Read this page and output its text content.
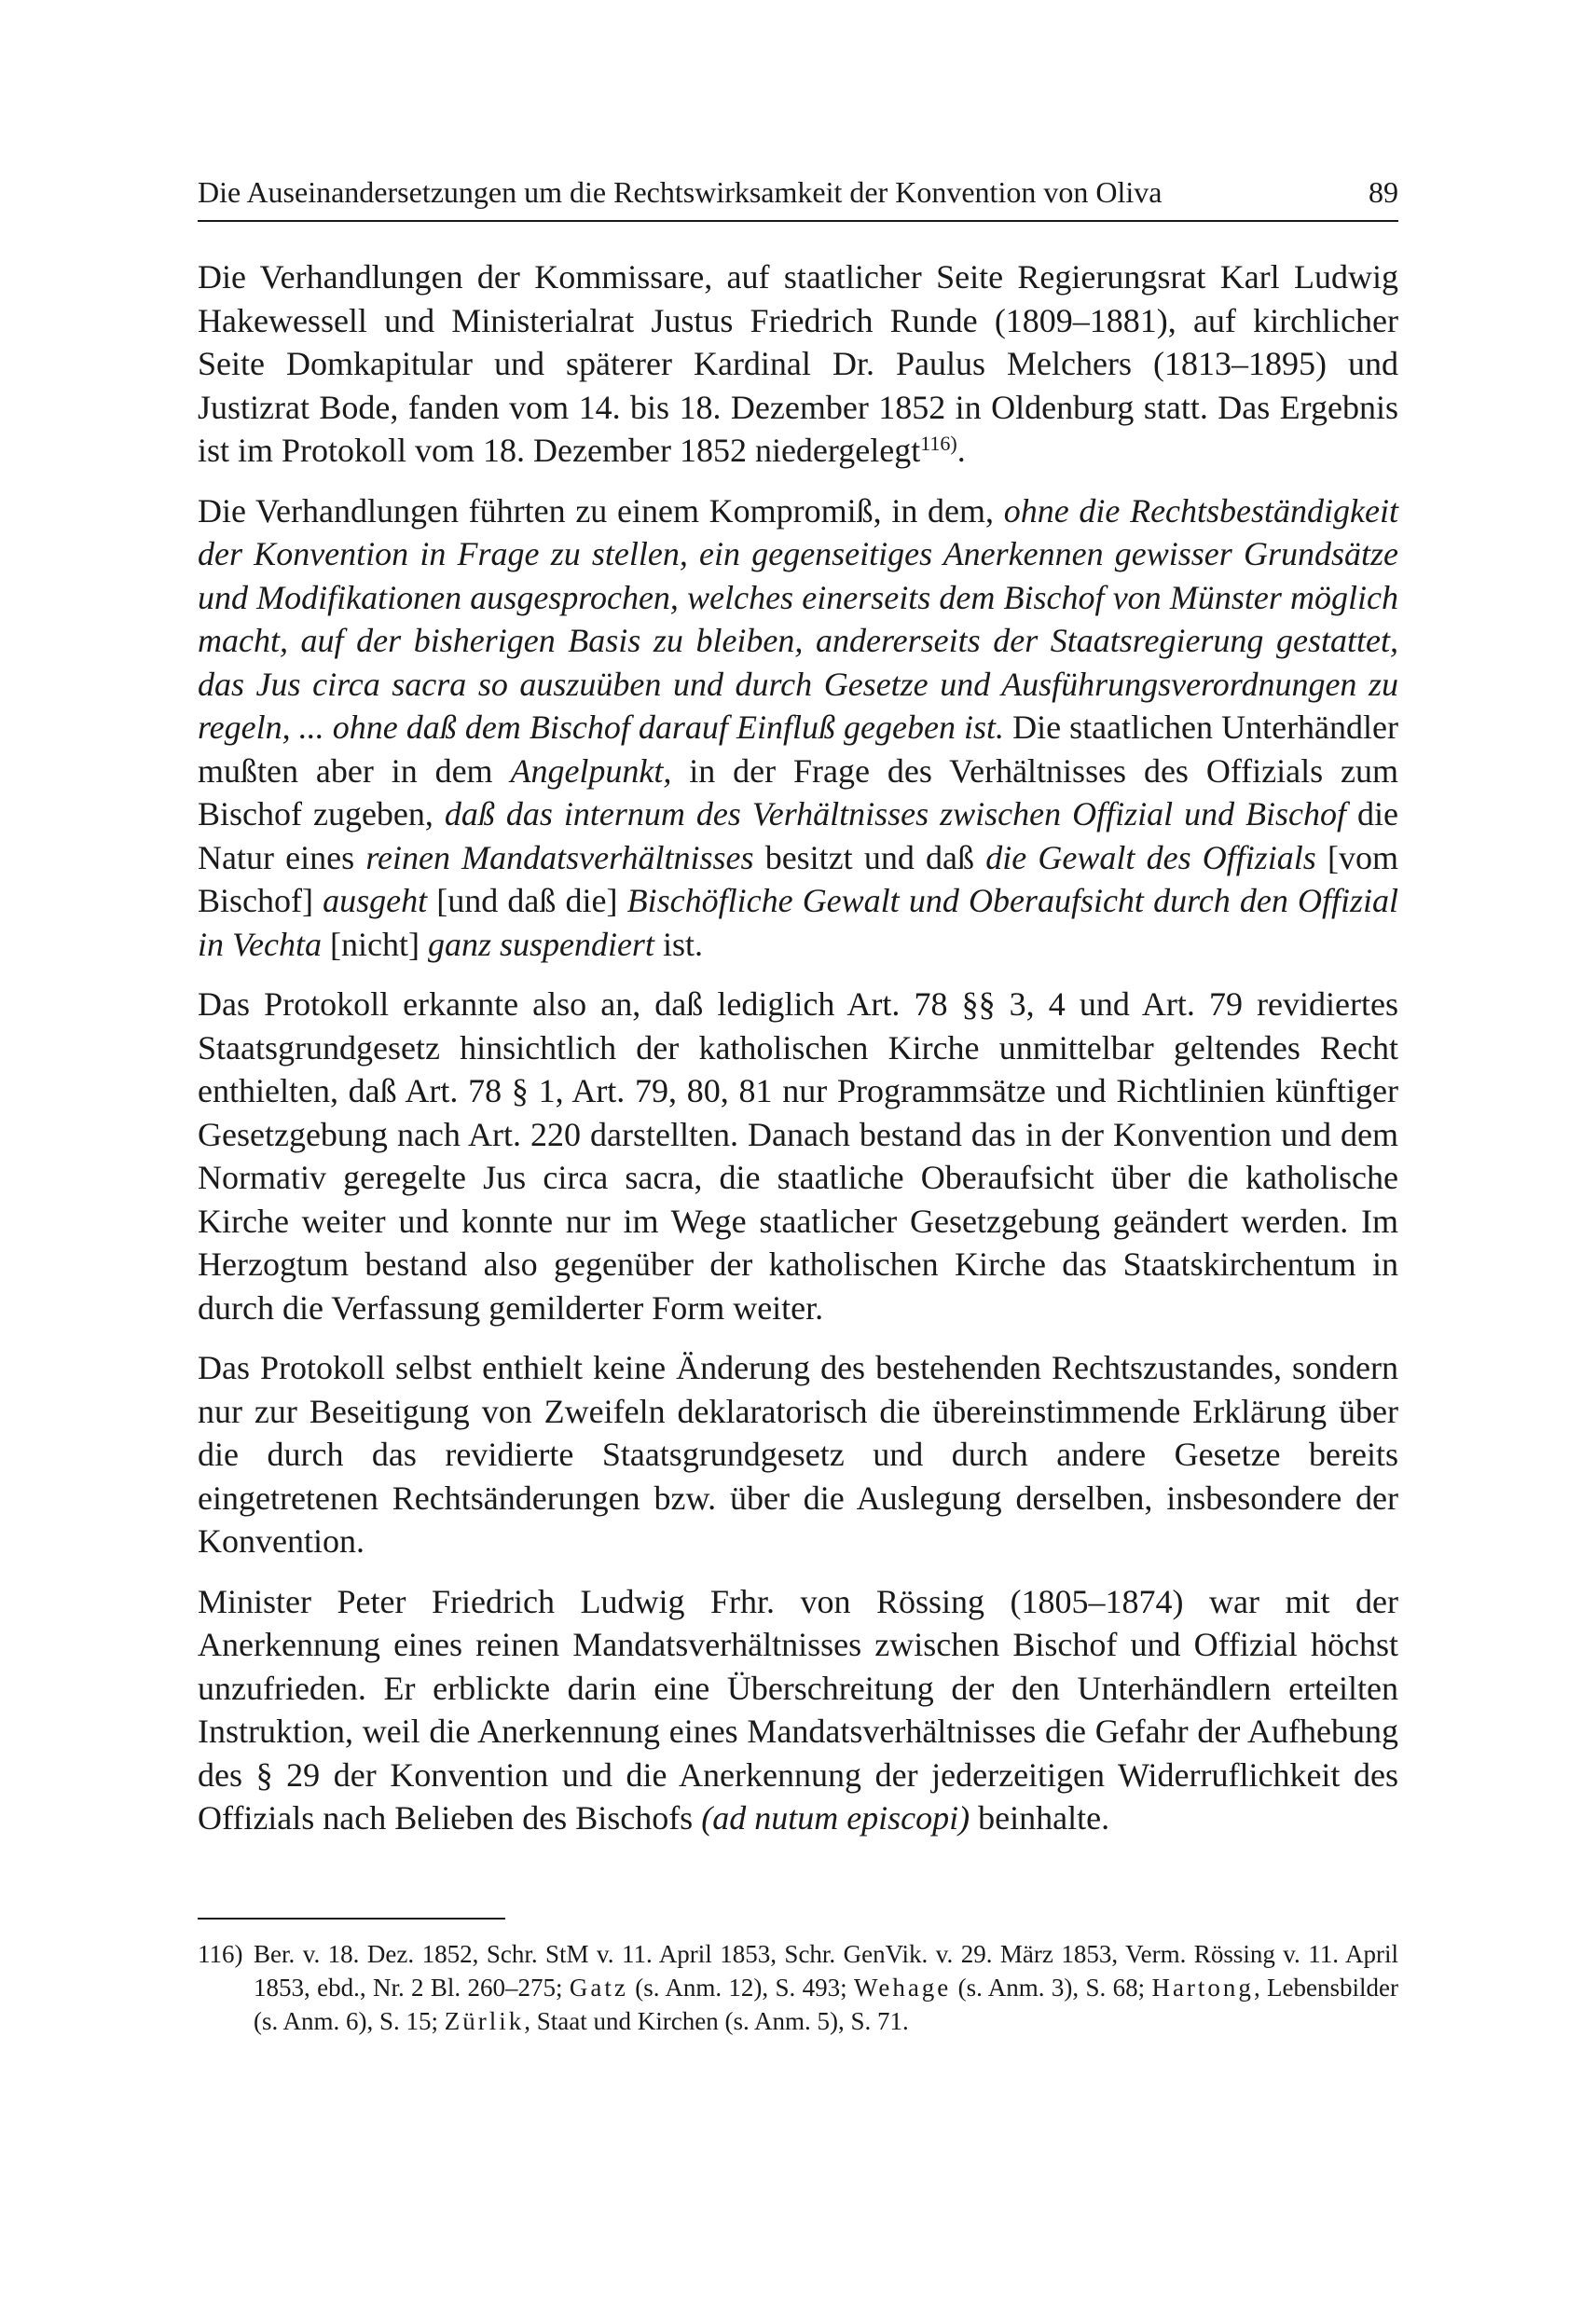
Die Auseinandersetzungen um die Rechtswirksamkeit der Konvention von Oliva	89

Die Verhandlungen der Kommissare, auf staatlicher Seite Regierungsrat Karl Ludwig Hakewessell und Ministerialrat Justus Friedrich Runde (1809–1881), auf kirchlicher Seite Domkapitular und späterer Kardinal Dr. Paulus Melchers (1813–1895) und Justizrat Bode, fanden vom 14. bis 18. Dezember 1852 in Oldenburg statt. Das Ergebnis ist im Protokoll vom 18. Dezember 1852 niedergelegt$^{116)}$.

Die Verhandlungen führten zu einem Kompromiß, in dem, ohne die Rechtsbeständigkeit der Konvention in Frage zu stellen, ein gegenseitiges Anerkennen gewisser Grundsätze und Modifikationen ausgesprochen, welches einerseits dem Bischof von Münster möglich macht, auf der bisherigen Basis zu bleiben, andererseits der Staatsregierung gestattet, das Jus circa sacra so auszuüben und durch Gesetze und Ausführungsverordnungen zu regeln, ... ohne daß dem Bischof darauf Einfluß gegeben ist. Die staatlichen Unterhändler mußten aber in dem Angelpunkt, in der Frage des Verhältnisses des Offizials zum Bischof zugeben, daß das internum des Verhältnisses zwischen Offizial und Bischof die Natur eines reinen Mandatsverhältnisses besitzt und daß die Gewalt des Offizials [vom Bischof] ausgeht [und daß die] Bischöfliche Gewalt und Oberaufsicht durch den Offizial in Vechta [nicht] ganz suspendiert ist.

Das Protokoll erkannte also an, daß lediglich Art. 78 §§ 3, 4 und Art. 79 revidiertes Staatsgrundgesetz hinsichtlich der katholischen Kirche unmittelbar geltendes Recht enthielten, daß Art. 78 § 1, Art. 79, 80, 81 nur Programmsätze und Richtlinien künftiger Gesetzgebung nach Art. 220 darstellten. Danach bestand das in der Konvention und dem Normativ geregelte Jus circa sacra, die staatliche Oberaufsicht über die katholische Kirche weiter und konnte nur im Wege staatlicher Gesetzgebung geändert werden. Im Herzogtum bestand also gegenüber der katholischen Kirche das Staatskirchentum in durch die Verfassung gemilderter Form weiter.

Das Protokoll selbst enthielt keine Änderung des bestehenden Rechtszustandes, sondern nur zur Beseitigung von Zweifeln deklaratorisch die übereinstimmende Erklärung über die durch das revidierte Staatsgrundgesetz und durch andere Gesetze bereits eingetretenen Rechtsänderungen bzw. über die Auslegung derselben, insbesondere der Konvention.

Minister Peter Friedrich Ludwig Frhr. von Rössing (1805–1874) war mit der Anerkennung eines reinen Mandatsverhältnisses zwischen Bischof und Offizial höchst unzufrieden. Er erblickte darin eine Überschreitung der den Unterhändlern erteilten Instruktion, weil die Anerkennung eines Mandatsverhältnisses die Gefahr der Aufhebung des § 29 der Konvention und die Anerkennung der jederzeitigen Widerruflichkeit des Offizials nach Belieben des Bischofs (ad nutum episcopi) beinhalte.

116) Ber. v. 18. Dez. 1852, Schr. StM v. 11. April 1853, Schr. GenVik. v. 29. März 1853, Verm. Rössing v. 11. April 1853, ebd., Nr. 2 Bl. 260–275; Gatz (s. Anm. 12), S. 493; Wehage (s. Anm. 3), S. 68; Hartong, Lebensbilder (s. Anm. 6), S. 15; Zürlik, Staat und Kirchen (s. Anm. 5), S. 71.
